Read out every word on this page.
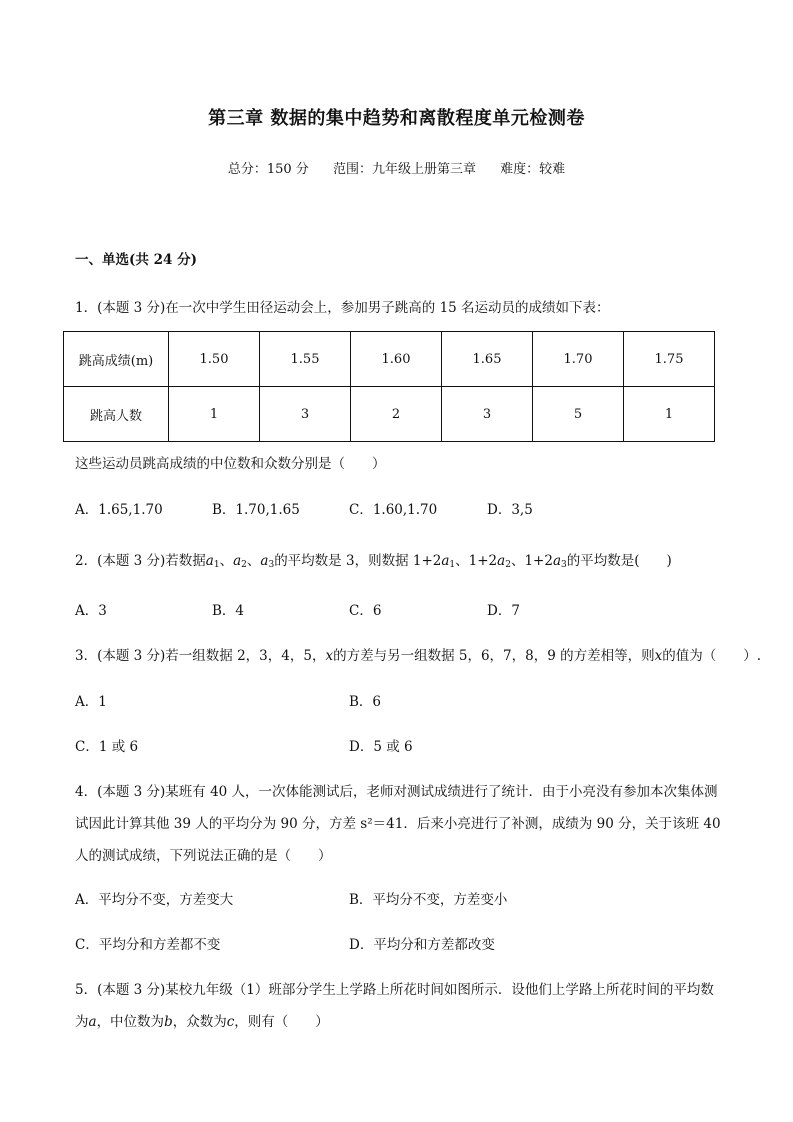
第三章 数据的集中趋势和离散程度单元检测卷
总分：150 分 范围：九年级上册第三章 难度：较难
一、单选(共 24 分)
1．(本题 3 分)在一次中学生田径运动会上，参加男子跳高的 15 名运动员的成绩如下表：
跳高成绩(m)	1.50	1.55	1.60	1.65	1.70	1.75
跳高人数	1	3	2	3	5	1
这些运动员跳高成绩的中位数和众数分别是（　　）
A．1.65,1.70	B．1.70,1.65	C．1.60,1.70	D．3,5
2．(本题 3 分)若数据$a_1$、$a_2$、$a_3$的平均数是 3，则数据 $1+2a_1$、$1+2a_2$、$1+2a_3$的平均数是(　　)
A．3	B．4	C．6	D．7
3．(本题 3 分)若一组数据 2，3，4，5，x的方差与另一组数据 5，6，7，8，9 的方差相等，则x的值为（　　）.
A．1	B．6
C．1 或 6	D．5 或 6
4．(本题 3 分)某班有 40 人，一次体能测试后，老师对测试成绩进行了统计．由于小亮没有参加本次集体测
试因此计算其他 39 人的平均分为 90 分，方差 s²＝41．后来小亮进行了补测，成绩为 90 分，关于该班 40
人的测试成绩，下列说法正确的是（　　）
A．平均分不变，方差变大	B．平均分不变，方差变小
C．平均分和方差都不变	D．平均分和方差都改变
5．(本题 3 分)某校九年级（1）班部分学生上学路上所花时间如图所示．设他们上学路上所花时间的平均数
为a，中位数为b，众数为c，则有（　　）
